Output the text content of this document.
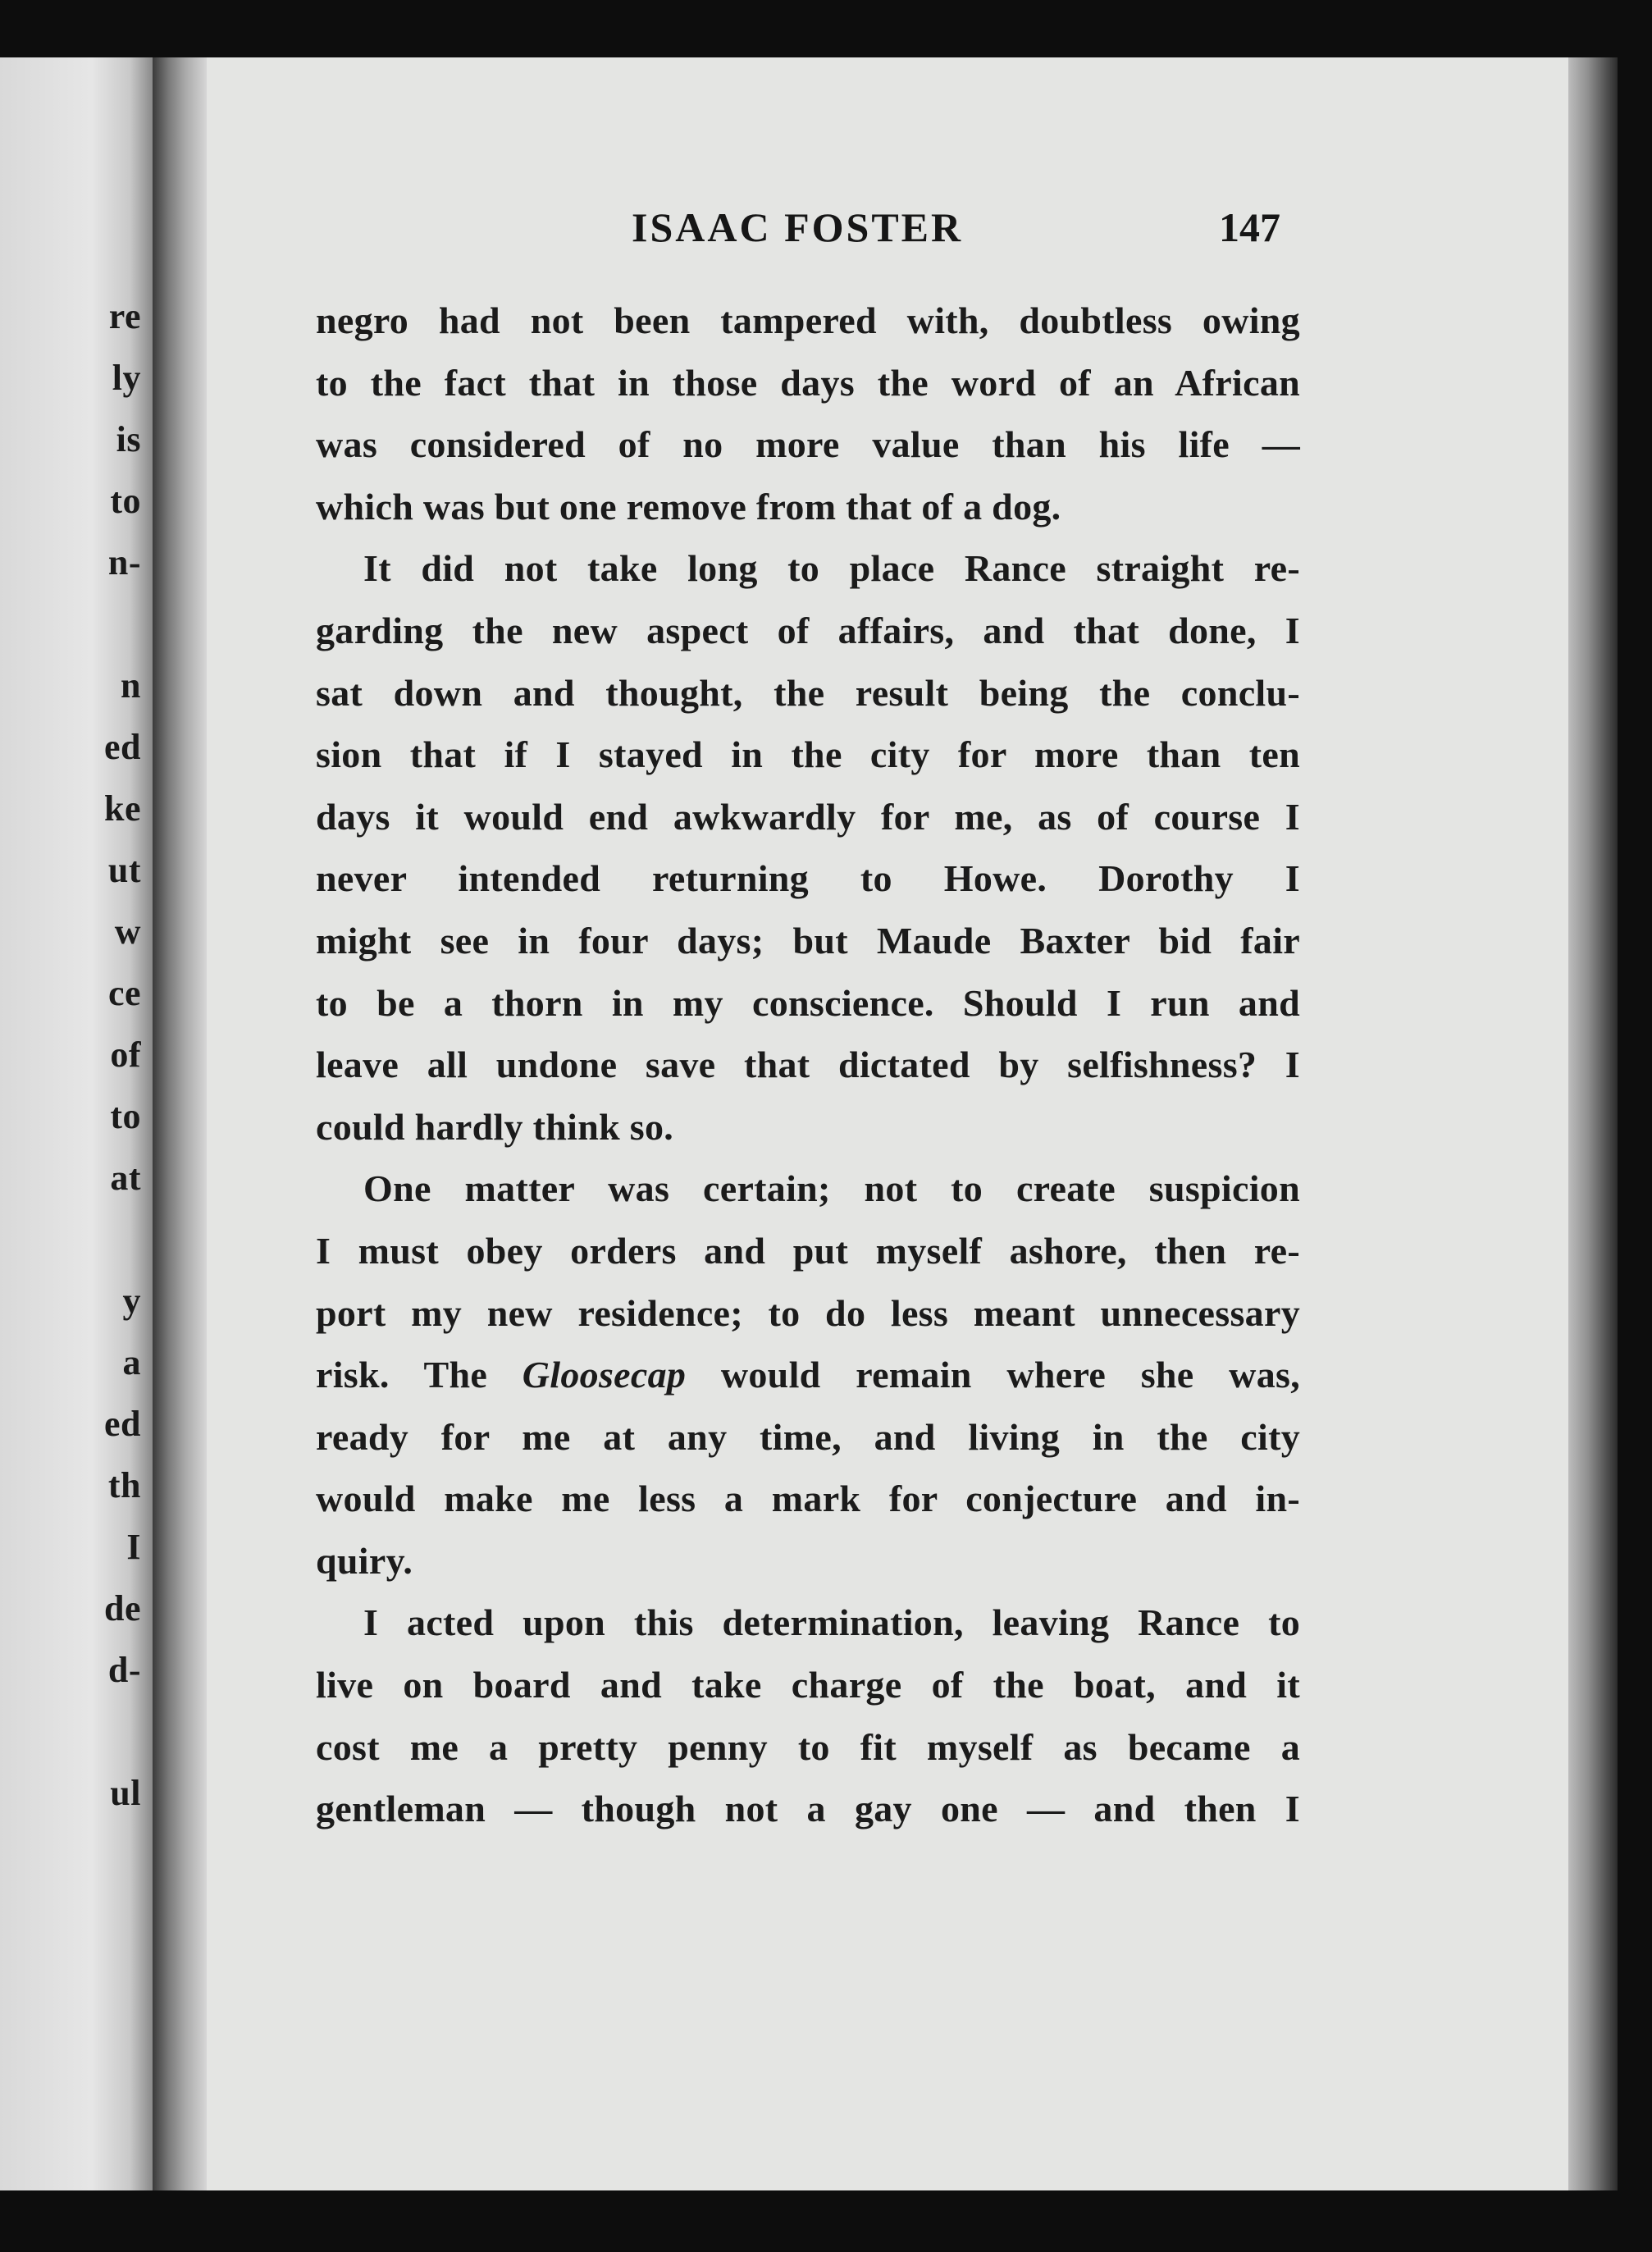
re
ly
is
to
n-
n
ed
ke
ut
w
ce
of
to
at
y
a
ed
th
I
de
d-
ul
ISAAC FOSTER	147
negro had not been tampered with, doubtless owing
to the fact that in those days the word of an African
was considered of no more value than his life —
which was but one remove from that of a dog.
It did not take long to place Rance straight re-
garding the new aspect of affairs, and that done, I
sat down and thought, the result being the conclu-
sion that if I stayed in the city for more than ten
days it would end awkwardly for me, as of course I
never intended returning to Howe. Dorothy I
might see in four days; but Maude Baxter bid fair
to be a thorn in my conscience. Should I run and
leave all undone save that dictated by selfishness? I
could hardly think so.
One matter was certain; not to create suspicion
I must obey orders and put myself ashore, then re-
port my new residence; to do less meant unnecessary
risk. The Gloosecap would remain where she was,
ready for me at any time, and living in the city
would make me less a mark for conjecture and in-
quiry.
I acted upon this determination, leaving Rance to
live on board and take charge of the boat, and it
cost me a pretty penny to fit myself as became a
gentleman — though not a gay one — and then I
